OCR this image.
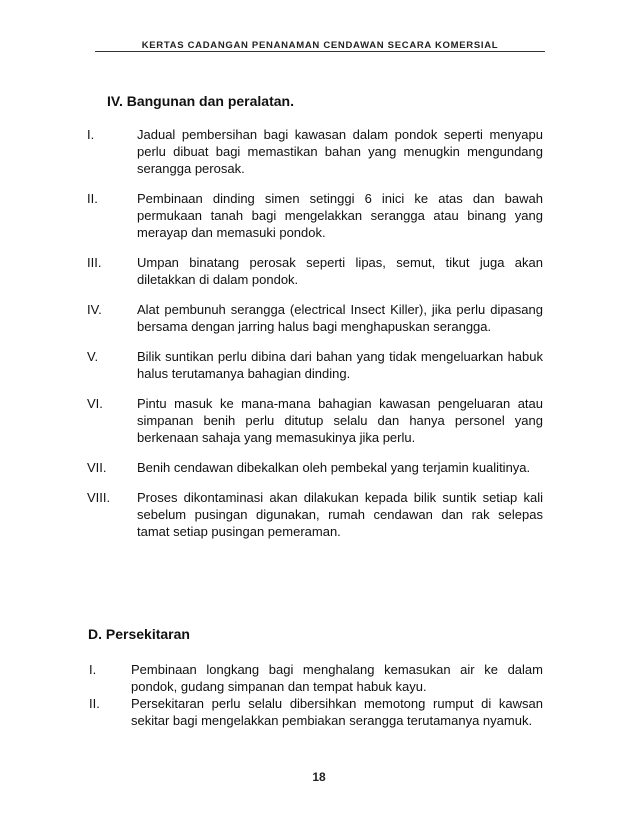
KERTAS CADANGAN PENANAMAN CENDAWAN SECARA KOMERSIAL
IV. Bangunan dan peralatan.
I.	Jadual pembersihan bagi kawasan dalam pondok seperti menyapu perlu dibuat bagi memastikan bahan yang menugkin mengundang serangga perosak.
II.	Pembinaan dinding simen setinggi 6 inici ke atas dan bawah permukaan tanah bagi mengelakkan serangga atau binang yang merayap dan memasuki pondok.
III.	Umpan binatang perosak seperti lipas, semut, tikut juga akan diletakkan di dalam pondok.
IV.	Alat pembunuh serangga (electrical Insect Killer), jika perlu dipasang bersama dengan jarring halus bagi menghapuskan serangga.
V.	Bilik suntikan perlu dibina dari bahan yang tidak mengeluarkan habuk halus terutamanya bahagian dinding.
VI.	Pintu masuk ke mana-mana bahagian kawasan pengeluaran atau simpanan benih perlu ditutup selalu dan hanya personel yang berkenaan sahaja yang memasukinya jika perlu.
VII.	Benih cendawan dibekalkan oleh pembekal yang terjamin kualitinya.
VIII.	Proses dikontaminasi akan dilakukan kepada bilik suntik setiap kali sebelum pusingan digunakan, rumah cendawan dan rak selepas tamat setiap pusingan pemeraman.
D. Persekitaran
I.	Pembinaan longkang bagi menghalang kemasukan air ke dalam pondok, gudang simpanan dan tempat habuk kayu.
II.	Persekitaran perlu selalu dibersihkan memotong rumput di kawsan sekitar bagi mengelakkan pembiakan serangga terutamanya nyamuk.
18
